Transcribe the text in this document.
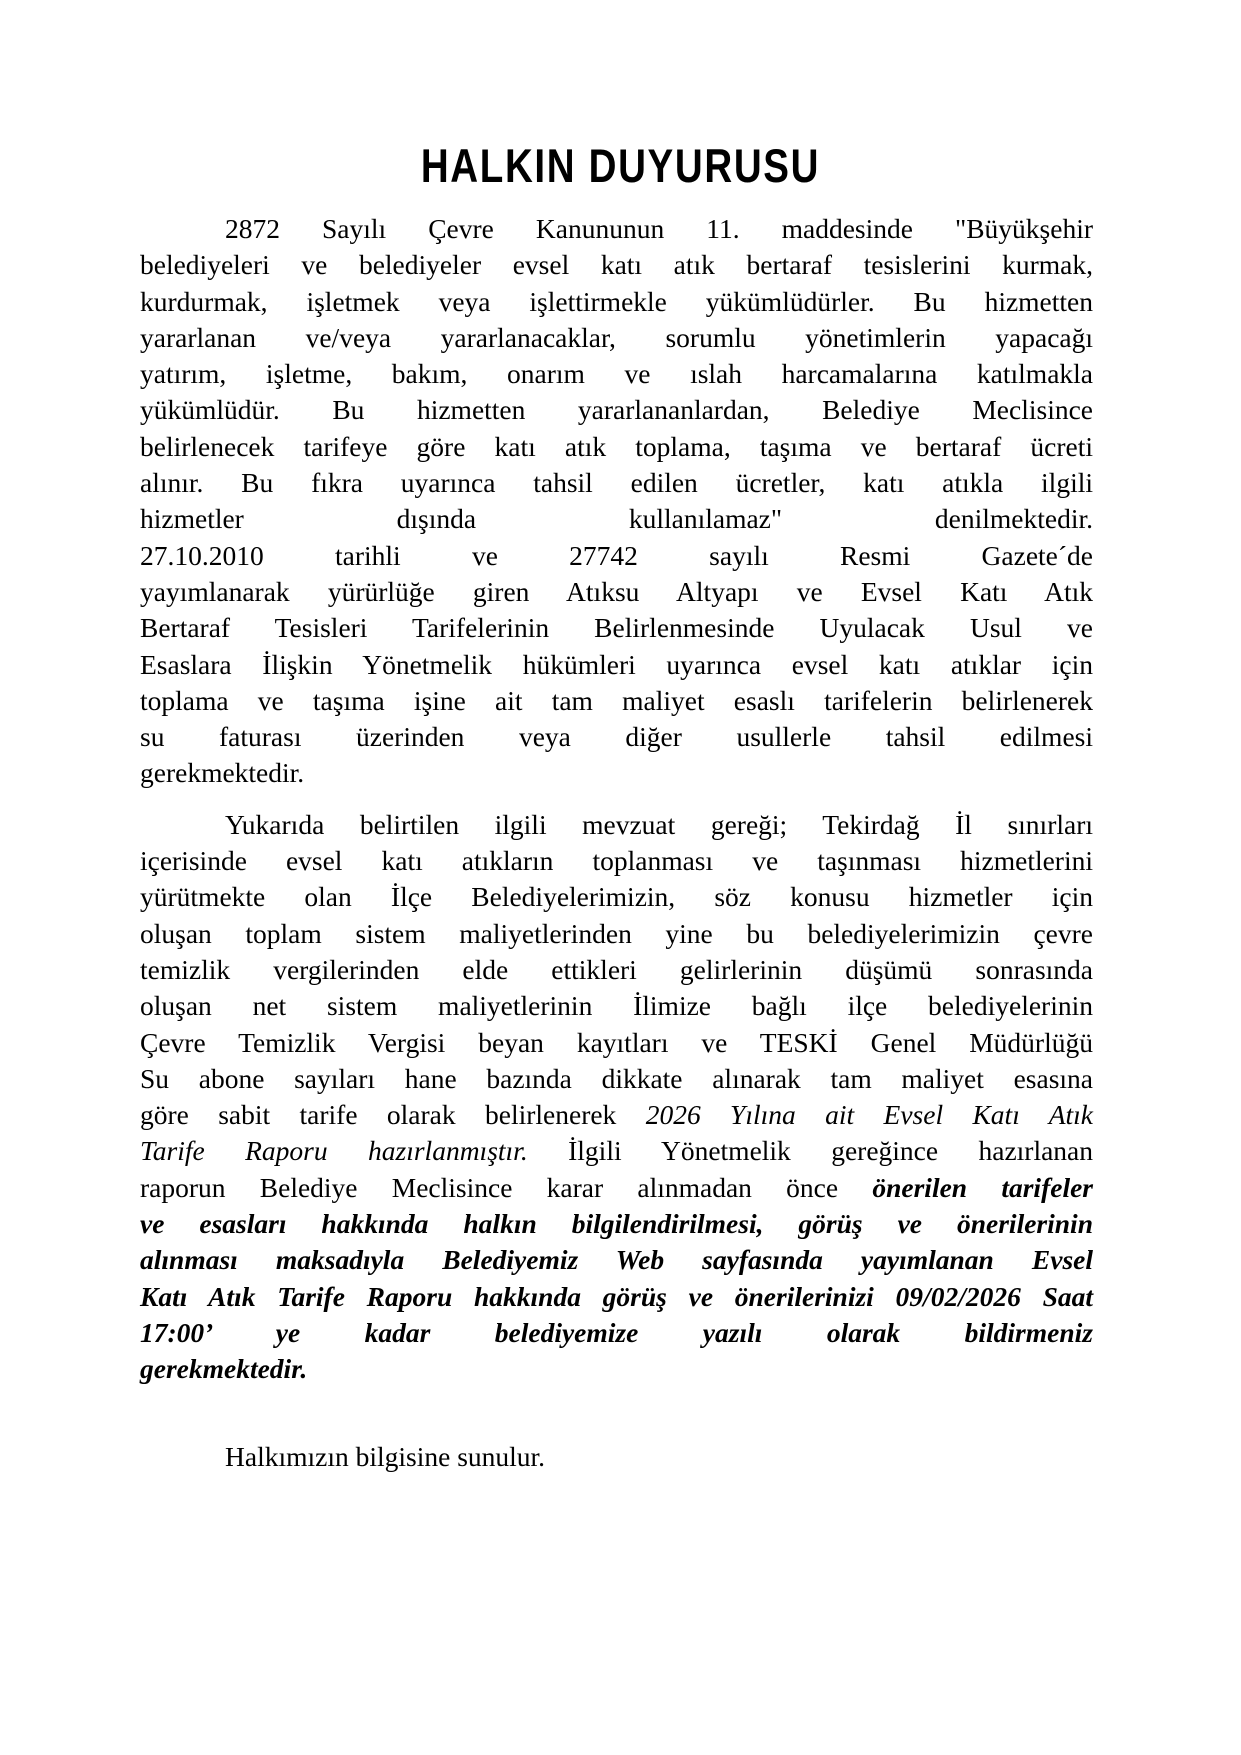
HALKIN DUYURUSU
2872 Sayılı Çevre Kanununun 11. maddesinde "Büyükşehir
belediyeleri ve belediyeler evsel katı atık bertaraf tesislerini kurmak,
kurdurmak, işletmek veya işlettirmekle yükümlüdürler. Bu hizmetten
yararlanan ve/veya yararlanacaklar, sorumlu yönetimlerin yapacağı
yatırım, işletme, bakım, onarım ve ıslah harcamalarına katılmakla
yükümlüdür. Bu hizmetten yararlananlardan, Belediye Meclisince
belirlenecek tarifeye göre katı atık toplama, taşıma ve bertaraf ücreti
alınır. Bu fıkra uyarınca tahsil edilen ücretler, katı atıkla ilgili
hizmetler dışında kullanılamaz" denilmektedir.
27.10.2010 tarihli ve 27742 sayılı Resmi Gazete´de
yayımlanarak yürürlüğe giren Atıksu Altyapı ve Evsel Katı Atık
Bertaraf Tesisleri Tarifelerinin Belirlenmesinde Uyulacak Usul ve
Esaslara İlişkin Yönetmelik hükümleri uyarınca evsel katı atıklar için
toplama ve taşıma işine ait tam maliyet esaslı tarifelerin belirlenerek
su faturası üzerinden veya diğer usullerle tahsil edilmesi
gerekmektedir.
Yukarıda belirtilen ilgili mevzuat gereği; Tekirdağ İl sınırları
içerisinde evsel katı atıkların toplanması ve taşınması hizmetlerini
yürütmekte olan İlçe Belediyelerimizin, söz konusu hizmetler için
oluşan toplam sistem maliyetlerinden yine bu belediyelerimizin çevre
temizlik vergilerinden elde ettikleri gelirlerinin düşümü sonrasında
oluşan net sistem maliyetlerinin İlimize bağlı ilçe belediyelerinin
Çevre Temizlik Vergisi beyan kayıtları ve TESKİ Genel Müdürlüğü
Su abone sayıları hane bazında dikkate alınarak tam maliyet esasına
göre sabit tarife olarak belirlenerek 2026 Yılına ait Evsel Katı Atık
Tarife Raporu hazırlanmıştır. İlgili Yönetmelik gereğince hazırlanan
raporun Belediye Meclisince karar alınmadan önce önerilen tarifeler
ve esasları hakkında halkın bilgilendirilmesi, görüş ve önerilerinin
alınması maksadıyla Belediyemiz Web sayfasında yayımlanan Evsel
Katı Atık Tarife Raporu hakkında görüş ve önerilerinizi 09/02/2026 Saat
17:00’ ye kadar belediyemize yazılı olarak bildirmeniz
gerekmektedir.
Halkımızın bilgisine sunulur.
